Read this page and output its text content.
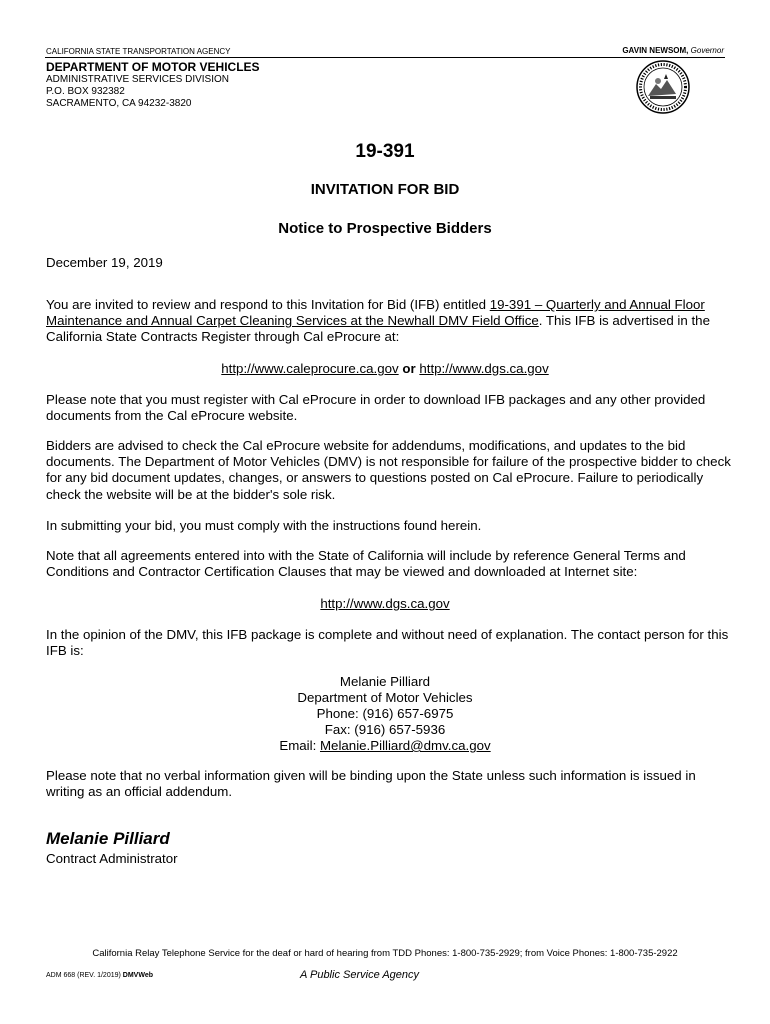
CALIFORNIA STATE TRANSPORTATION AGENCY	GAVIN NEWSOM, Governor
DEPARTMENT OF MOTOR VEHICLES
ADMINISTRATIVE SERVICES DIVISION
P.O. BOX 932382
SACRAMENTO, CA 94232-3820
19-391
INVITATION FOR BID
Notice to Prospective Bidders
December 19, 2019
You are invited to review and respond to this Invitation for Bid (IFB) entitled 19-391 – Quarterly and Annual Floor Maintenance and Annual Carpet Cleaning Services at the Newhall DMV Field Office. This IFB is advertised in the California State Contracts Register through Cal eProcure at:
http://www.caleprocure.ca.gov or http://www.dgs.ca.gov
Please note that you must register with Cal eProcure in order to download IFB packages and any other provided documents from the Cal eProcure website.
Bidders are advised to check the Cal eProcure website for addendums, modifications, and updates to the bid documents. The Department of Motor Vehicles (DMV) is not responsible for failure of the prospective bidder to check for any bid document updates, changes, or answers to questions posted on Cal eProcure. Failure to periodically check the website will be at the bidder's sole risk.
In submitting your bid, you must comply with the instructions found herein.
Note that all agreements entered into with the State of California will include by reference General Terms and Conditions and Contractor Certification Clauses that may be viewed and downloaded at Internet site:
http://www.dgs.ca.gov
In the opinion of the DMV, this IFB package is complete and without need of explanation. The contact person for this IFB is:
Melanie Pilliard
Department of Motor Vehicles
Phone: (916) 657-6975
Fax: (916) 657-5936
Email: Melanie.Pilliard@dmv.ca.gov
Please note that no verbal information given will be binding upon the State unless such information is issued in writing as an official addendum.
Melanie Pilliard
Contract Administrator
California Relay Telephone Service for the deaf or hard of hearing from TDD Phones: 1-800-735-2929; from Voice Phones: 1-800-735-2922
ADM 668 (REV. 1/2019) DMVWeb	A Public Service Agency
